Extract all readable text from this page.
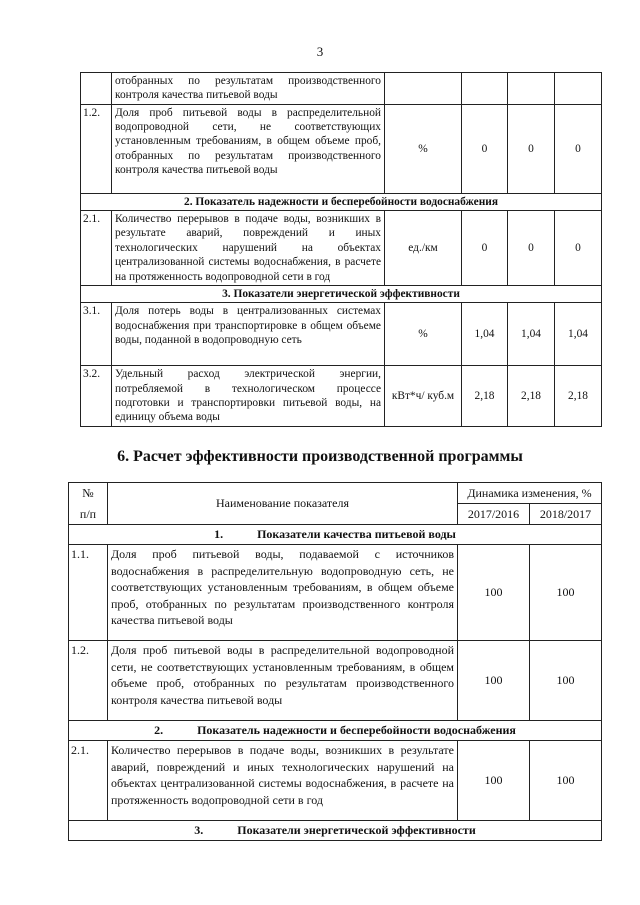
3
	отобранных по результатам производственного контроля качества питьевой воды				
1.2.	Доля проб питьевой воды в распределительной водопроводной сети, не соответствующих установленным требованиям, в общем объеме проб, отобранных по результатам производственного контроля качества питьевой воды	%	0	0	0
2. Показатель надежности и бесперебойности водоснабжения					
2.1.	Количество перерывов в подаче воды, возникших в результате аварий, повреждений и иных технологических нарушений на объектах централизованной системы водоснабжения, в расчете на протяженность водопроводной сети в год	ед./км	0	0	0
3. Показатели энергетической эффективности					
3.1.	Доля потерь воды в централизованных системах водоснабжения при транспортировке в общем объеме воды, поданной в водопроводную сеть	%	1,04	1,04	1,04
3.2.	Удельный расход электрической энергии, потребляемой в технологическом процессе подготовки и транспортировки питьевой воды, на единицу объема воды	кВт*ч/ куб.м	2,18	2,18	2,18
6. Расчет эффективности производственной программы
№
п/п	Наименование показателя	Динамика изменения, %	
		2017/2016	2018/2017
1. Показатели качества питьевой воды			
1.1.	Доля проб питьевой воды, подаваемой с источников водоснабжения в распределительную водопроводную сеть, не соответствующих установленным требованиям, в общем объеме проб, отобранных по результатам производственного контроля качества питьевой воды	100	100
1.2.	Доля проб питьевой воды в распределительной водопроводной сети, не соответствующих установленным требованиям, в общем объеме проб, отобранных по результатам производственного контроля качества питьевой воды	100	100
2. Показатель надежности и бесперебойности водоснабжения			
2.1.	Количество перерывов в подаче воды, возникших в результате аварий, повреждений и иных технологических нарушений на объектах централизованной системы водоснабжения, в расчете на протяженность водопроводной сети в год	100	100
3. Показатели энергетической эффективности			
